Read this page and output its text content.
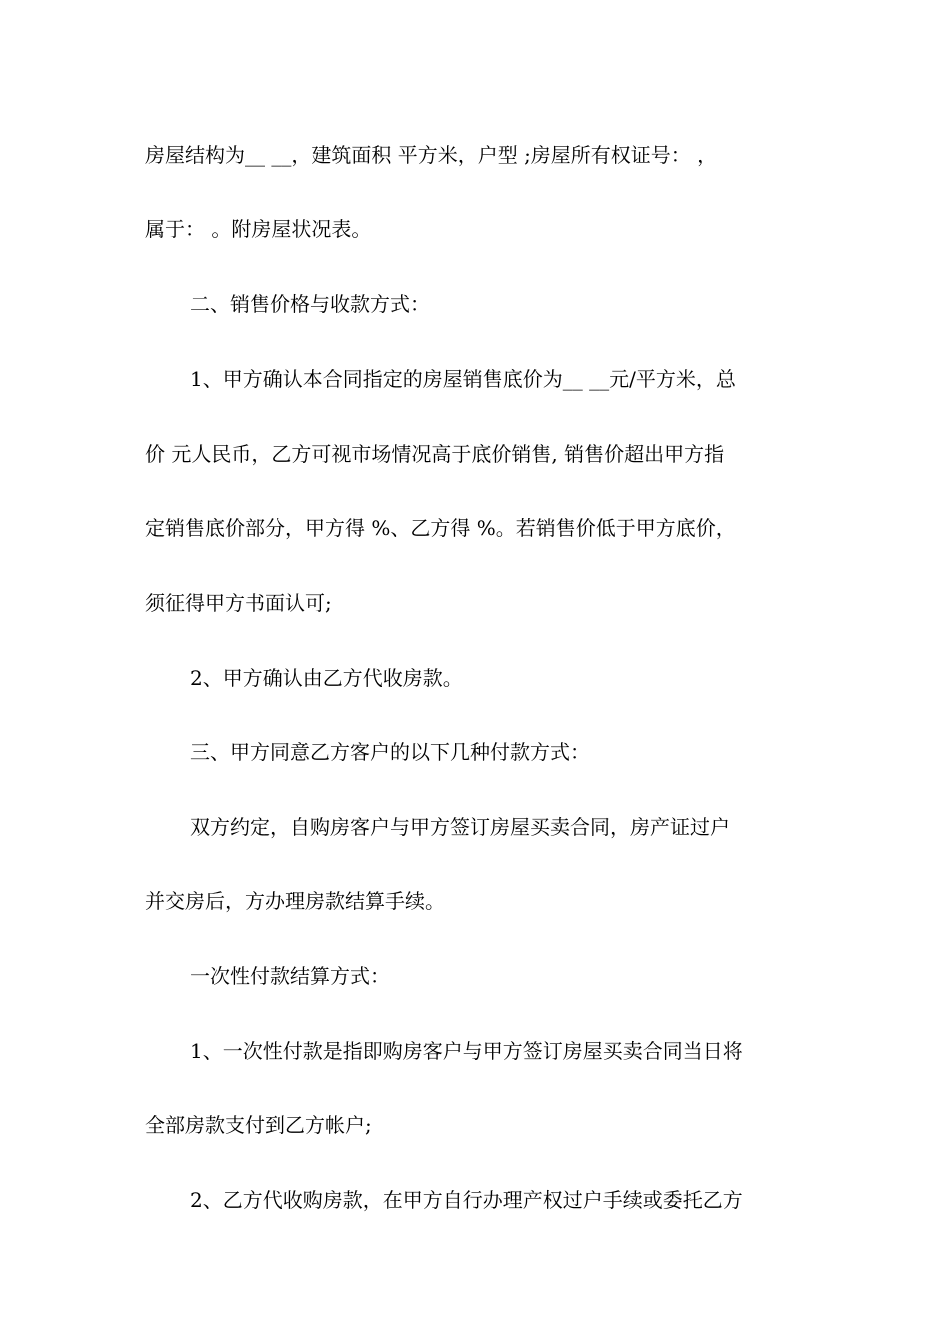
房屋结构为__ __，建筑面积 平方米，户型 ;房屋所有权证号： ，
属于： 。附房屋状况表。
二、销售价格与收款方式：
1、甲方确认本合同指定的房屋销售底价为__ __元/平方米，总
价 元人民币，乙方可视市场情况高于底价销售, 销售价超出甲方指
定销售底价部分，甲方得 %、乙方得 %。若销售价低于甲方底价，
须征得甲方书面认可;
2、甲方确认由乙方代收房款。
三、甲方同意乙方客户的以下几种付款方式：
双方约定，自购房客户与甲方签订房屋买卖合同，房产证过户
并交房后，方办理房款结算手续。
一次性付款结算方式：
1、一次性付款是指即购房客户与甲方签订房屋买卖合同当日将
全部房款支付到乙方帐户;
2、乙方代收购房款，在甲方自行办理产权过户手续或委托乙方
